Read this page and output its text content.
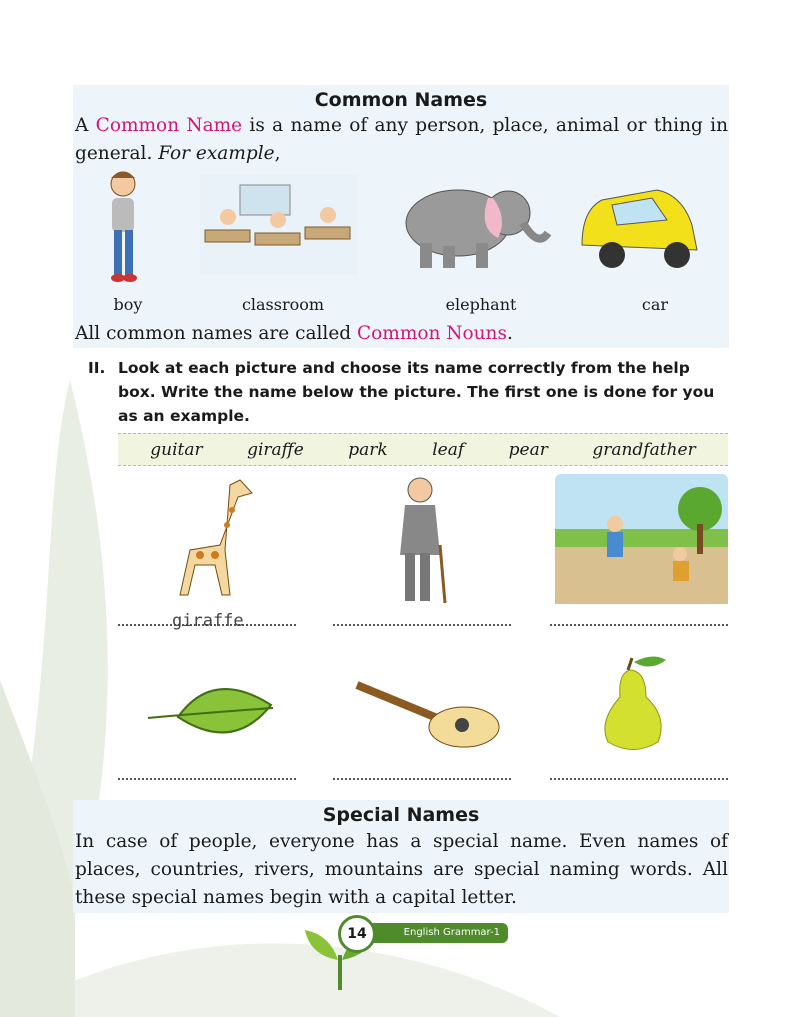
Common Names
A Common Name is a name of any person, place, animal or thing in general. For example,
boy	classroom	elephant	car
All common names are called Common Nouns.
II. Look at each picture and choose its name correctly from the help box. Write the name below the picture. The first one is done for you as an example.
guitar	giraffe	park	leaf	pear	grandfather
giraffe
Special Names
In case of people, everyone has a special name. Even names of places, countries, rivers, mountains are special naming words. All these special names begin with a capital letter.
English Grammar-1
14
